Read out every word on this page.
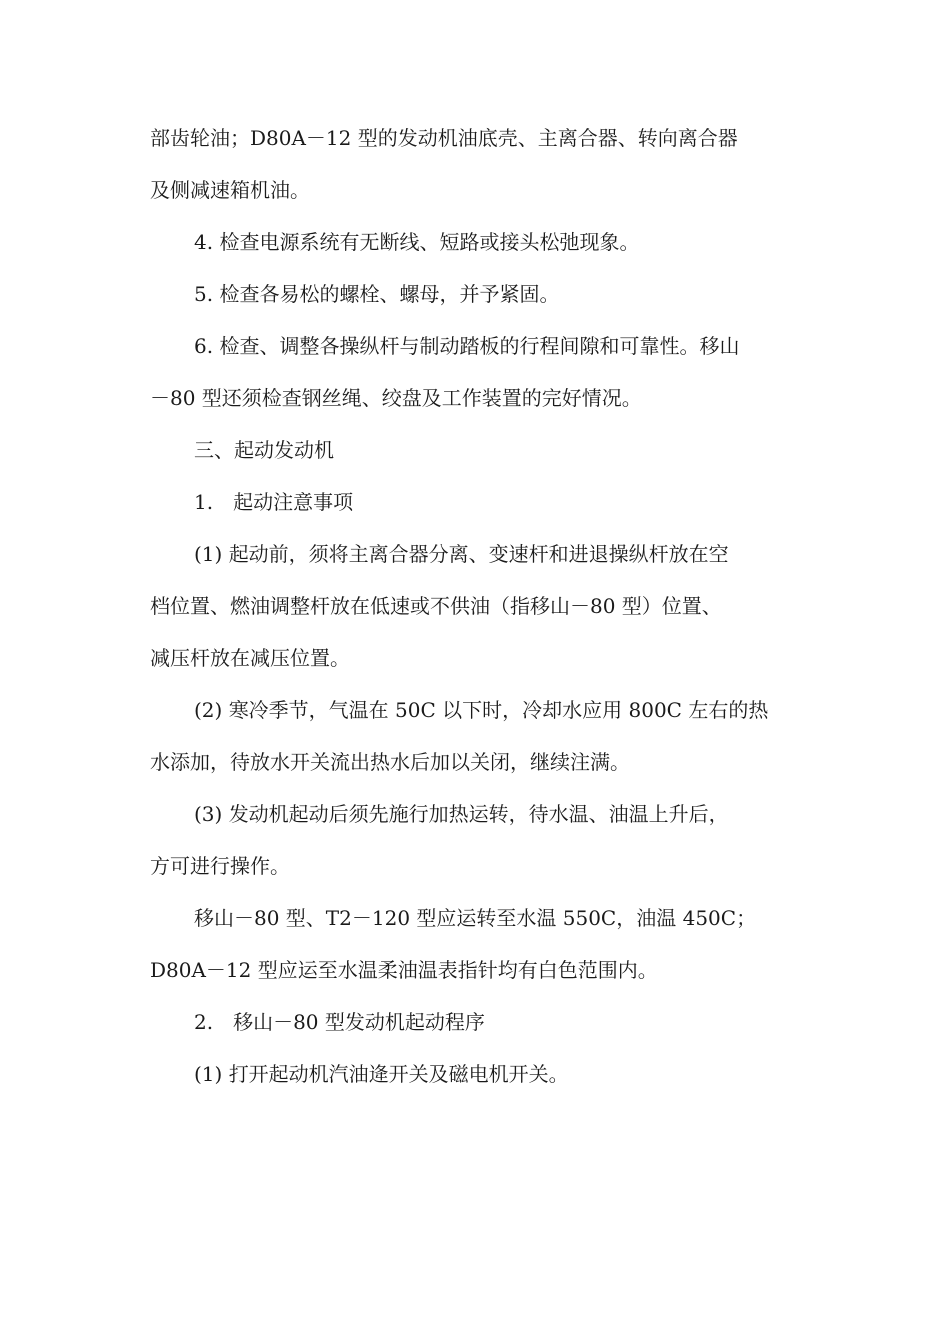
部齿轮油；D80A－12 型的发动机油底壳、主离合器、转向离合器
及侧减速箱机油。
4. 检查电源系统有无断线、短路或接头松弛现象。
5. 检查各易松的螺栓、螺母，并予紧固。
6. 检查、调整各操纵杆与制动踏板的行程间隙和可靠性。移山
－80 型还须检查钢丝绳、绞盘及工作装置的完好情况。
三、起动发动机
1.　起动注意事项
(1) 起动前，须将主离合器分离、变速杆和进退操纵杆放在空
档位置、燃油调整杆放在低速或不供油（指移山－80 型）位置、
减压杆放在减压位置。
(2) 寒冷季节，气温在 50C 以下时，冷却水应用 800C 左右的热
水添加，待放水开关流出热水后加以关闭，继续注满。
(3) 发动机起动后须先施行加热运转，待水温、油温上升后，
方可进行操作。
移山－80 型、T2－120 型应运转至水温 550C，油温 450C；
D80A－12 型应运至水温柔油温表指针均有白色范围内。
2.　移山－80 型发动机起动程序
(1) 打开起动机汽油逄开关及磁电机开关。
